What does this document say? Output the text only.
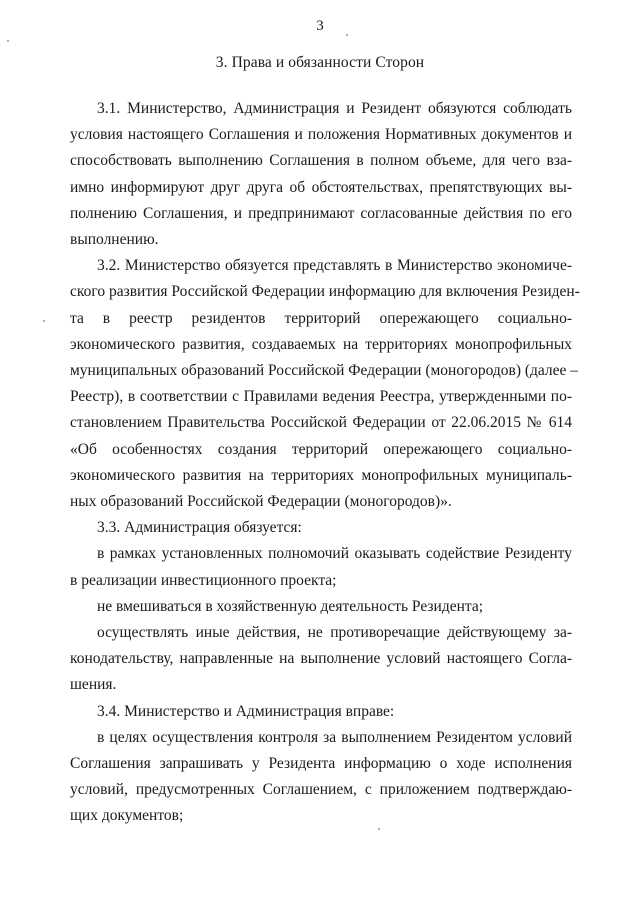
3
3. Права и обязанности Сторон
3.1. Министерство, Администрация и Резидент обязуются соблюдать
условия настоящего Соглашения и положения Нормативных документов и
способствовать выполнению Соглашения в полном объеме, для чего вза-
имно информируют друг друга об обстоятельствах, препятствующих вы-
полнению Соглашения, и предпринимают согласованные действия по его
выполнению.
3.2. Министерство обязуется представлять в Министерство экономиче-
ского развития Российской Федерации информацию для включения Резиден-
та в реестр резидентов территорий опережающего социально-
экономического развития, создаваемых на территориях монопрофильных
муниципальных образований Российской Федерации (моногородов) (далее –
Реестр), в соответствии с Правилами ведения Реестра, утвержденными по-
становлением Правительства Российской Федерации от 22.06.2015 № 614
«Об особенностях создания территорий опережающего социально-
экономического развития на территориях монопрофильных муниципаль-
ных образований Российской Федерации (моногородов)».
3.3. Администрация обязуется:
в рамках установленных полномочий оказывать содействие Резиденту
в реализации инвестиционного проекта;
не вмешиваться в хозяйственную деятельность Резидента;
осуществлять иные действия, не противоречащие действующему за-
конодательству, направленные на выполнение условий настоящего Согла-
шения.
3.4. Министерство и Администрация вправе:
в целях осуществления контроля за выполнением Резидентом условий
Соглашения запрашивать у Резидента информацию о ходе исполнения
условий, предусмотренных Соглашением, с приложением подтверждаю-
щих документов;
